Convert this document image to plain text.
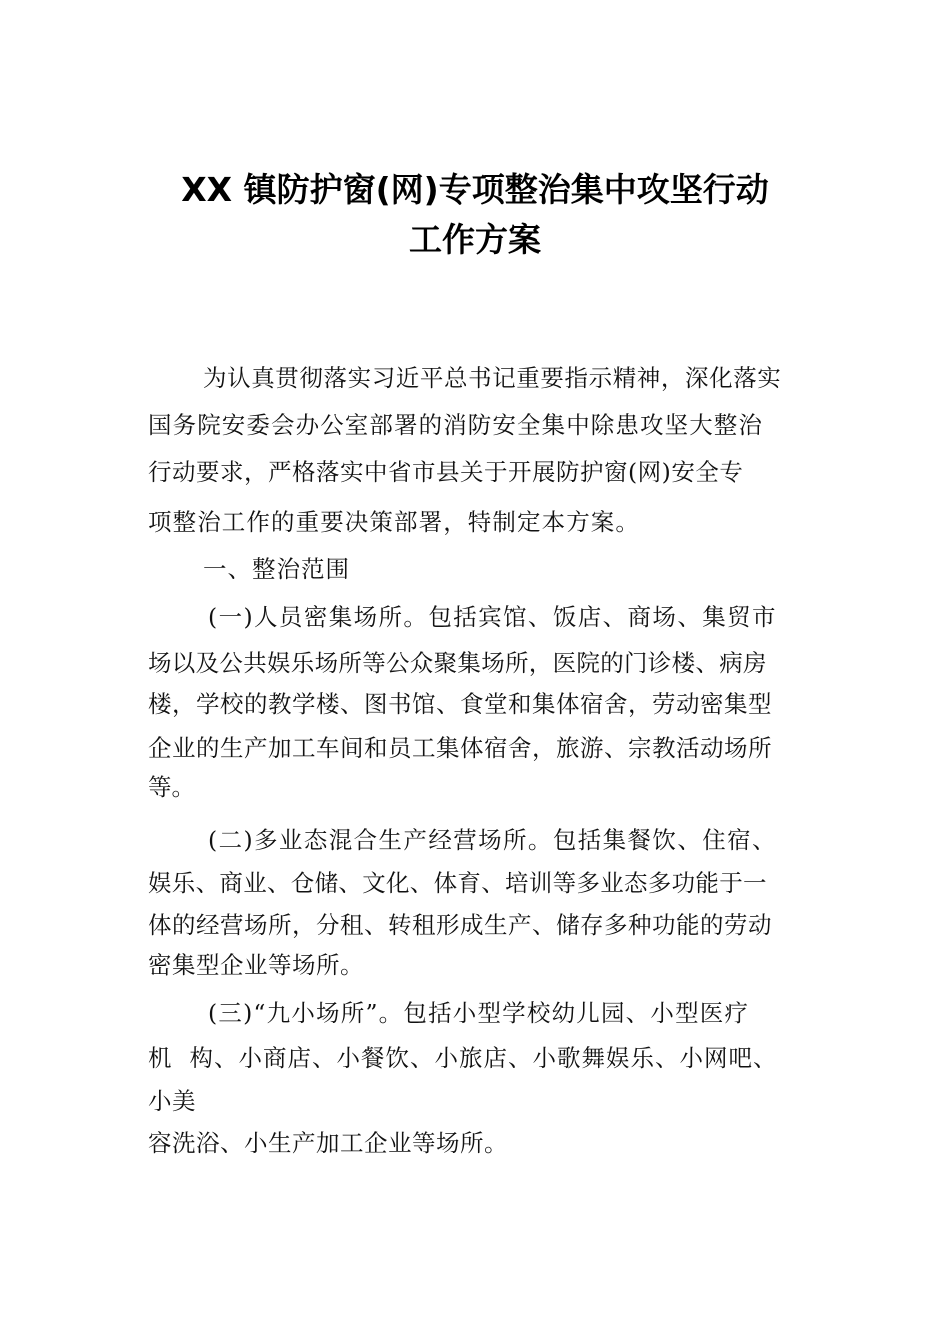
XX 镇防护窗(网)专项整治集中攻坚行动
工作方案
为认真贯彻落实习近平总书记重要指示精神，深化落实
国务院安委会办公室部署的消防安全集中除患攻坚大整治
行动要求，严格落实中省市县关于开展防护窗(网)安全专
项整治工作的重要决策部署，特制定本方案。
一、整治范围
(一)人员密集场所。包括宾馆、饭店、商场、集贸市
场以及公共娱乐场所等公众聚集场所，医院的门诊楼、病房
楼，学校的教学楼、图书馆、食堂和集体宿舍，劳动密集型
企业的生产加工车间和员工集体宿舍，旅游、宗教活动场所
等。
(二)多业态混合生产经营场所。包括集餐饮、住宿、
娱乐、商业、仓储、文化、体育、培训等多业态多功能于一
体的经营场所，分租、转租形成生产、储存多种功能的劳动
密集型企业等场所。
(三)“九小场所”。包括小型学校幼儿园、小型医疗
机  构、小商店、小餐饮、小旅店、小歌舞娱乐、小网吧、
小美
容洗浴、小生产加工企业等场所。
